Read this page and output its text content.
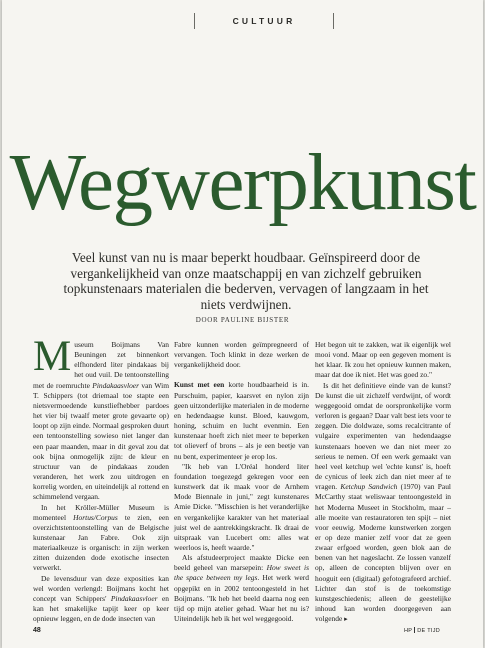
CULTUUR
Wegwerpkunst

Veel kunst van nu is maar beperkt houdbaar. Geïnspireerd door de vergankelijkheid van onze maatschappij en van zichzelf gebruiken topkunstenaars materialen die bederven, vervagen of langzaam in het niets verdwijnen.

DOOR PAULINE BIJSTER

Museum Boijmans Van Beuningen zet binnenkort elfhonderd liter pindakaas bij het oud vuil. De tentoonstelling met de roemruchte Pindakaasvloer van Wim T. Schippers (tot driemaal toe stapte een nietsvermoedende kunstliefhebber pardoes het vier bij twaalf meter grote gevaarte op) loopt op zijn einde. Normaal gesproken duurt een tentoonstelling sowieso niet langer dan een paar maanden, maar in dit geval zou dat ook bijna onmogelijk zijn: de kleur en structuur van de pindakaas zouden veranderen, het werk zou uitdrogen en korrelig worden, en uiteindelijk al rottend en schimmelend vergaan.

In het Kröller-Müller Museum is momenteel Hortus/Corpus te zien, een overzichtstentoonstelling van de Belgische kunstenaar Jan Fabre. Ook zijn materiaalkeuze is organisch: in zijn werken zitten duizenden dode exotische insecten verwerkt.

De levensduur van deze exposities kan wel worden verlengd: Boijmans kocht het concept van Schippers' Pindakaasvloer en kan het smakelijke tapijt keer op keer opnieuw leggen, en de dode insecten van

Fabre kunnen worden geïmpregneerd of vervangen. Toch klinkt in deze werken de vergankelijkheid door.

Kunst met een korte houdbaarheid is in. Purschuim, papier, kaarsvet en nylon zijn geen uitzonderlijke materialen in de moderne en hedendaagse kunst. Bloed, kauwgom, honing, schuim en lucht evenmin. Een kunstenaar hoeft zich niet meer te beperken tot olieverf of brons – als je een beetje van nu bent, experimenteer je erop los.

"Ik heb van L'Oréal honderd liter foundation toegezegd gekregen voor een kunstwerk dat ik maak voor de Arnhem Mode Biennale in juni," zegt kunstenares Amie Dicke. "Misschien is het veranderlijke en vergankelijke karakter van het materiaal juist wel de aantrekkingskracht. Ik draai de uitspraak van Lucebert om: alles wat weerloos is, heeft waarde."

Als afstudeerproject maakte Dicke een beeld geheel van marsepein: How sweet is the space between my legs. Het werk werd opgepikt en in 2002 tentoongesteld in het Boijmans. "Ik heb het beeld daarna nog een tijd op mijn atelier gehad. Waar het nu is? Uiteindelijk heb ik het wel weggegooid.

Het begon uit te zakken, wat ik eigenlijk wel mooi vond. Maar op een gegeven moment is het klaar. Ik zou het opnieuw kunnen maken, maar dat doe ik niet. Het was goed zo."

Is dit het definitieve einde van de kunst? De kunst die uit zichzelf verdwijnt, of wordt weggegooid omdat de oorspronkelijke vorm verloren is gegaan? Daar valt best iets voor te zeggen. Die doldwaze, soms recalcitrante of vulgaire experimenten van hedendaagse kunstenaars hoeven we dan niet meer zo serieus te nemen. Of een werk gemaakt van heel veel ketchup wel 'echte kunst' is, hoeft de cynicus of leek zich dan niet meer af te vragen. Ketchup Sandwich (1970) van Paul McCarthy staat weliswaar tentoongesteld in het Moderna Museet in Stockholm, maar – alle moeite van restauratoren ten spijt – niet voor eeuwig. Moderne kunstwerken zorgen er op deze manier zelf voor dat ze geen zwaar erfgoed worden, geen blok aan de benen van het nageslacht. Ze lossen vanzelf op, alleen de concepten blijven over en hooguit een (digitaal) gefotografeerd archief. Lichter dan stof is de toekomstige kunstgeschiedenis; alleen de geestelijke inhoud kan worden doorgegeven aan volgende ▸

48	HP DE TIJD
